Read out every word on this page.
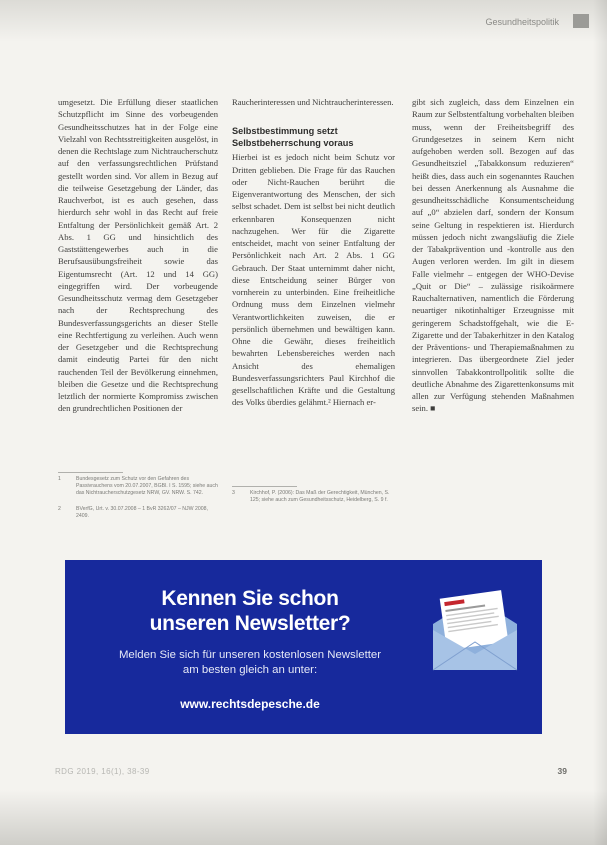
Gesundheitspolitik

umgesetzt. Die Erfüllung dieser staatlichen Schutzpflicht im Sinne des vorbeugenden Gesundheitsschutzes hat in der Folge eine Vielzahl von Rechtsstreitigkeiten ausgelöst, in denen die Rechtslage zum Nichtraucherschutz auf den verfassungsrechtlichen Prüfstand gestellt worden sind. Vor allem in Bezug auf die teilweise Gesetzgebung der Länder, das Rauchverbot, ist es auch gesehen, dass hierdurch sehr wohl in das Recht auf freie Entfaltung der Persönlichkeit gemäß Art. 2 Abs. 1 GG und hinsichtlich des Gaststättengewerbes auch in die Berufsausübungsfreiheit sowie das Eigentumsrecht (Art. 12 und 14 GG) eingegriffen wird. Der vorbeugende Gesundheitsschutz vermag dem Gesetzgeber nach der Rechtsprechung des Bundesverfassungsgerichts an dieser Stelle eine Rechtfertigung zu verleihen. Auch wenn der Gesetzgeber und die Rechtsprechung damit eindeutig Partei für den nicht rauchenden Teil der Bevölkerung einnehmen, bleiben die Gesetze und die Rechtsprechung letztlich der normierte Kompromiss zwischen den grundrechtlichen Positionen der

1	Bundesgesetz zum Schutz vor den Gefahren des Passivrauchens vom 20.07.2007, BGBl. I S. 1595; siehe auch das Nichtraucherschutzgesetz NRW, GV. NRW. S. 742.
2	BVerfG, Urt. v. 30.07.2008 – 1 BvR 3262/07 – NJW 2008, 2409.

Raucherinteressen und Nichtraucherinteressen.

Selbstbestimmung setzt
Selbstbeherrschung voraus

Hierbei ist es jedoch nicht beim Schutz vor Dritten geblieben. Die Frage für das Rauchen oder Nicht-Rauchen berührt die Eigenverantwortung des Menschen, der sich selbst schadet. Dem ist selbst bei nicht deutlich erkennbaren Konsequenzen nicht nachzugehen. Wer für die Zigarette entscheidet, macht von seiner Entfaltung der Persönlichkeit nach Art. 2 Abs. 1 GG Gebrauch. Der Staat unternimmt daher nicht, diese Entscheidung seiner Bürger von vornherein zu unterbinden. Eine freiheitliche Ordnung muss dem Einzelnen vielmehr Verantwortlichkeiten zuweisen, die er persönlich übernehmen und bewältigen kann. Ohne die Gewähr, dieses freiheitlich bewahrten Lebensbereiches werden nach Ansicht des ehemaligen Bundesverfassungsrichters Paul Kirchhof die gesellschaftlichen Kräfte und die Gestaltung des Volks überdies gelähmt.² Hiernach er-

3	Kirchhof, P. (2006): Das Maß der Gerechtigkeit, München, S. 125; siehe auch zum Gesundheitsschutz, Heidelberg, S. 9 f.

gibt sich zugleich, dass dem Einzelnen ein Raum zur Selbstentfaltung vorbehalten bleiben muss, wenn der Freiheitsbegriff des Grundgesetzes in seinem Kern nicht aufgehoben werden soll. Bezogen auf das Gesundheitsziel „Tabakkonsum reduzieren“ heißt dies, dass auch ein sogenanntes Rauchen bei dessen Anerkennung als Ausnahme die gesundheitsschädliche Konsumentscheidung auf „0“ abzielen darf, sondern der Konsum seine Geltung in respektieren ist. Hierdurch müssen jedoch nicht zwangsläufig die Ziele der Tabakprävention und -kontrolle aus den Augen verloren werden. Im gilt in diesem Falle vielmehr – entgegen der WHO-Devise „Quit or Die“ – zulässige risikoärmere Rauchalternativen, namentlich die Förderung neuartiger nikotinhaltiger Erzeugnisse mit geringerem Schadstoffgehalt, wie die E-Zigarette und der Tabakerhitzer in den Katalog der Präventions- und Therapiemaßnahmen zu integrieren. Das übergeordnete Ziel jeder sinnvollen Tabakkontrollpolitik sollte die deutliche Abnahme des Zigarettenkonsums mit allen zur Verfügung stehenden Maßnahmen sein. ■

Kennen Sie schon
unseren Newsletter?
Melden Sie sich für unseren kostenlosen Newsletter
am besten gleich an unter:
www.rechtsdepesche.de
RDG 2019, 16(1), 38-39	39
